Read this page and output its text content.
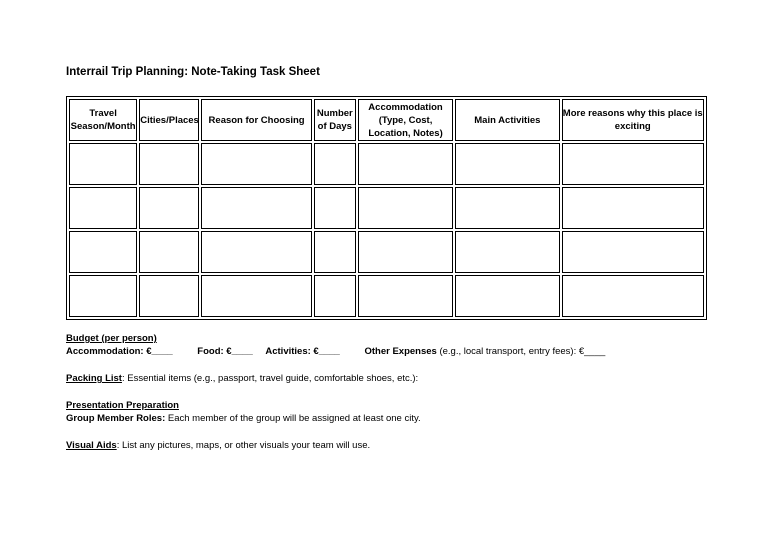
Interrail Trip Planning: Note-Taking Task Sheet
Travel Season/Month	Cities/Places	Reason for Choosing	Number of Days	Accommodation (Type, Cost, Location, Notes)	Main Activities	More reasons why this place is exciting

Budget (per person)
Accommodation: €____	Food: €____ Activities: €____	Other Expenses (e.g., local transport, entry fees): €____
Packing List: Essential items (e.g., passport, travel guide, comfortable shoes, etc.):
Presentation Preparation
Group Member Roles: Each member of the group will be assigned at least one city.
Visual Aids: List any pictures, maps, or other visuals your team will use.
